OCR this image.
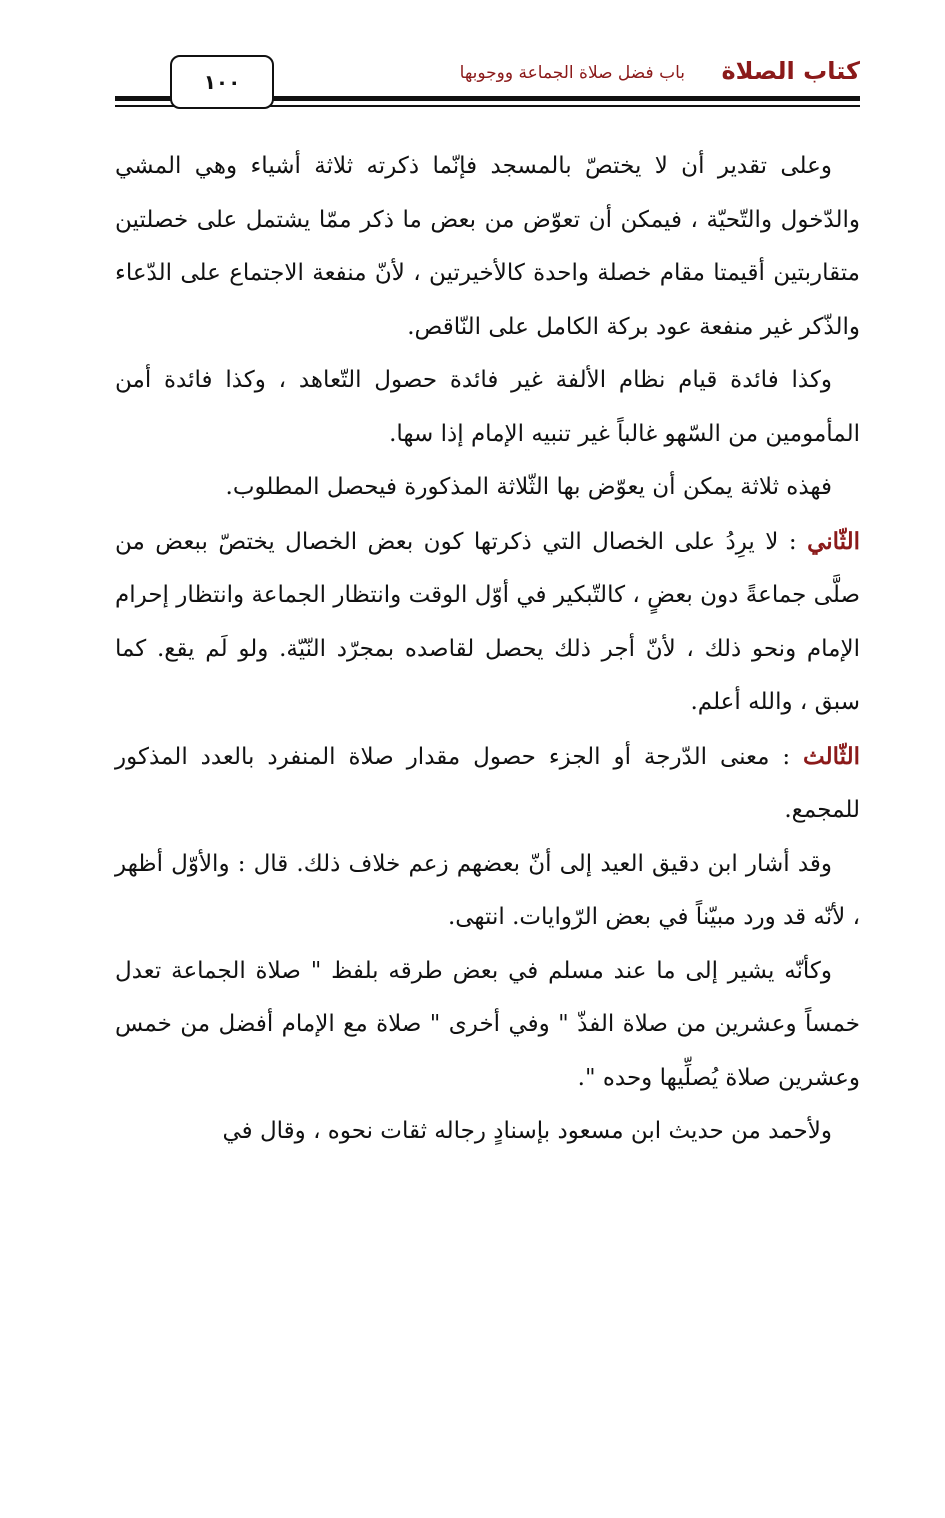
كتاب الصلاة
باب فضل صلاة الجماعة ووجوبها
١٠٠

وعلى تقدير أن لا يختصّ بالمسجد فإنّما ذكرته ثلاثة أشياء وهي المشي والدّخول والتّحيّة ، فيمكن أن تعوّض من بعض ما ذكر ممّا يشتمل على خصلتين متقاربتين أقيمتا مقام خصلة واحدة كالأخيرتين ، لأنّ منفعة الاجتماع على الدّعاء والذّكر غير منفعة عود بركة الكامل على النّاقص.

وكذا فائدة قيام نظام الألفة غير فائدة حصول التّعاهد ، وكذا فائدة أمن المأمومين من السّهو غالباً غير تنبيه الإمام إذا سها.

فهذه ثلاثة يمكن أن يعوّض بها الثّلاثة المذكورة فيحصل المطلوب.

الثّاني : لا يرِدُ على الخصال التي ذكرتها كون بعض الخصال يختصّ ببعض من صلَّى جماعةً دون بعضٍ ، كالتّبكير في أوّل الوقت وانتظار الجماعة وانتظار إحرام الإمام ونحو ذلك ، لأنّ أجر ذلك يحصل لقاصده بمجرّد النّيّة. ولو لَم يقع. كما سبق ، والله أعلم.

الثّالث : معنى الدّرجة أو الجزء حصول مقدار صلاة المنفرد بالعدد المذكور للمجمع.

وقد أشار ابن دقيق العيد إلى أنّ بعضهم زعم خلاف ذلك. قال : والأوّل أظهر ، لأنّه قد ورد مبيّناً في بعض الرّوايات. انتهى.

وكأنّه يشير إلى ما عند مسلم في بعض طرقه بلفظ " صلاة الجماعة تعدل خمساً وعشرين من صلاة الفذّ " وفي أخرى " صلاة مع الإمام أفضل من خمس وعشرين صلاة يُصلِّيها وحده ".

ولأحمد من حديث ابن مسعود بإسنادٍ رجاله ثقات نحوه ، وقال في
